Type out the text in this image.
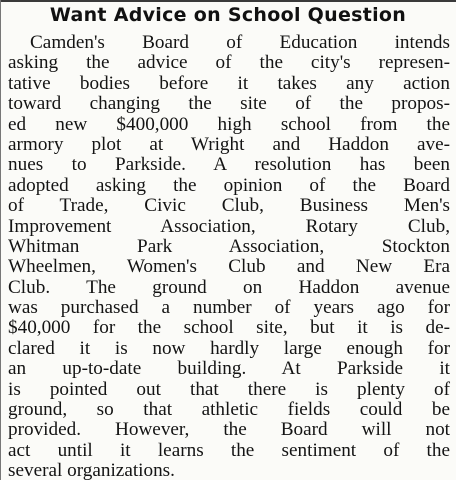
Want Advice on School Question
Camden's Board of Education intends
asking the advice of the city's represen-
tative bodies before it takes any action
toward changing the site of the propos-
ed new $400,000 high school from the
armory plot at Wright and Haddon ave-
nues to Parkside. A resolution has been
adopted asking the opinion of the Board
of Trade, Civic Club, Business Men's
Improvement Association, Rotary Club,
Whitman Park Association, Stockton
Wheelmen, Women's Club and New Era
Club. The ground on Haddon avenue
was purchased a number of years ago for
$40,000 for the school site, but it is de-
clared it is now hardly large enough for
an up-to-date building. At Parkside it
is pointed out that there is plenty of
ground, so that athletic fields could be
provided. However, the Board will not
act until it learns the sentiment of the
several organizations.
